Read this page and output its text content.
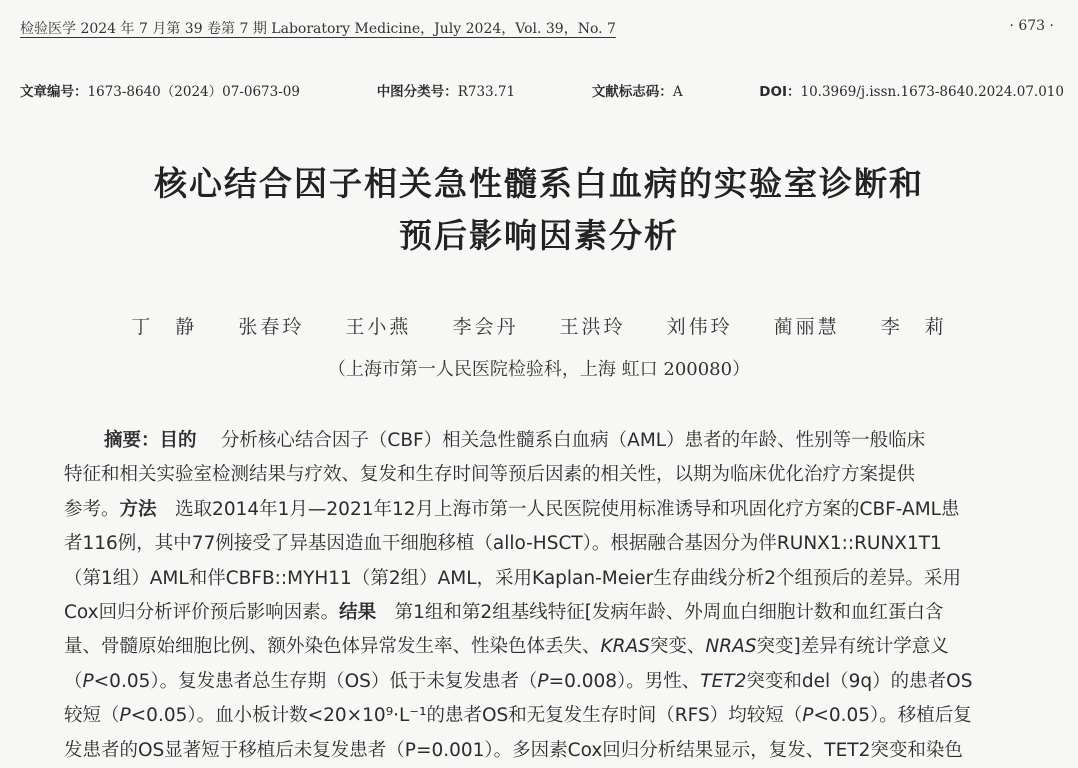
检验医学 2024 年 7 月第 39 卷第 7 期 Laboratory Medicine，July 2024，Vol. 39，No. 7	· 673 ·
文章编号：1673-8640（2024）07-0673-09	中图分类号：R733.71	文献标志码：A	DOI：10.3969/j.issn.1673-8640.2024.07.010
核心结合因子相关急性髓系白血病的实验室诊断和
预后影响因素分析
丁　静 张春玲 王小燕 李会丹 王洪玲 刘伟玲 蔺丽慧 李　莉
（上海市第一人民医院检验科，上海 虹口 200080）
摘要：目的　 分析核心结合因子（CBF）相关急性髓系白血病（AML）患者的年龄、性别等一般临床
特征和相关实验室检测结果与疗效、复发和生存时间等预后因素的相关性，以期为临床优化治疗方案提供
参考。方法　 选取2014年1月—2021年12月上海市第一人民医院使用标准诱导和巩固化疗方案的CBF-AML患
者116例，其中77例接受了异基因造血干细胞移植（allo-HSCT）。根据融合基因分为伴RUNX1::RUNX1T1
（第1组）AML和伴CBFB::MYH11（第2组）AML，采用Kaplan-Meier生存曲线分析2个组预后的差异。采用
Cox回归分析评价预后影响因素。结果　 第1组和第2组基线特征[发病年龄、外周血白细胞计数和血红蛋白含
量、骨髓原始细胞比例、额外染色体异常发生率、性染色体丢失、KRAS突变、NRAS突变]差异有统计学意义
（P<0.05）。复发患者总生存期（OS）低于未复发患者（P=0.008）。男性、TET2突变和del（9q）的患者OS
较短（P<0.05）。血小板计数<20×10⁹·L⁻¹的患者OS和无复发生存时间（RFS）均较短（P<0.05）。移植后复
发患者的OS显著短于移植后未复发患者（P=0.001）。多因素Cox回归分析结果显示，复发、TET2突变和染色
